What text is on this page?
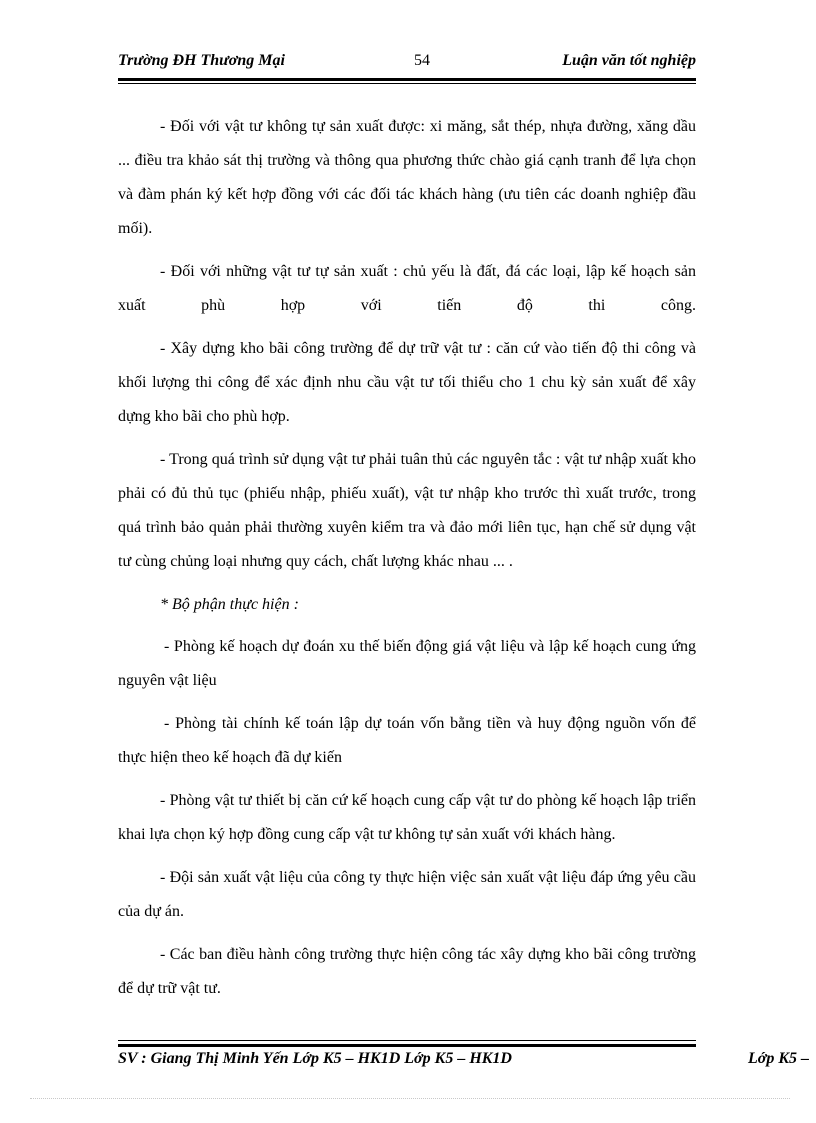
Trường ĐH Thương Mại	54	Luận văn tốt nghiệp

- Đối với vật tư không tự sản xuất được: xi măng, sắt thép, nhựa đường, xăng dầu ... điều tra khảo sát thị trường và thông qua phương thức chào giá cạnh tranh để lựa chọn và đàm phán ký kết hợp đồng với các đối tác khách hàng (ưu tiên các doanh nghiệp đầu mối).

- Đối với những vật tư tự sản xuất : chủ yếu là đất, đá các loại, lập kế hoạch sản xuất phù hợp với tiến độ thi công.

- Xây dựng kho bãi công trường để dự trữ vật tư : căn cứ vào tiến độ thi công và khối lượng thi công để xác định nhu cầu vật tư tối thiểu cho 1 chu kỳ sản xuất để xây dựng kho bãi cho phù hợp.

- Trong quá trình sử dụng vật tư phải tuân thủ các nguyên tắc : vật tư nhập xuất kho phải có đủ thủ tục (phiếu nhập, phiếu xuất), vật tư nhập kho trước thì xuất trước, trong quá trình bảo quản phải thường xuyên kiểm tra và đảo mới liên tục, hạn chế sử dụng vật tư cùng chủng loại nhưng quy cách, chất lượng khác nhau ... .

* Bộ phận thực hiện :

- Phòng kế hoạch dự đoán xu thế biến động giá vật liệu và lập kế hoạch cung ứng nguyên vật liệu

- Phòng tài chính kế toán lập dự toán vốn bằng tiền và huy động nguồn vốn để thực hiện theo kế hoạch đã dự kiến

- Phòng vật tư thiết bị căn cứ kế hoạch cung cấp vật tư do phòng kế hoạch lập triển khai lựa chọn ký hợp đồng cung cấp vật tư không tự sản xuất với khách hàng.

- Đội sản xuất vật liệu của công ty thực hiện việc sản xuất vật liệu đáp ứng yêu cầu của dự án.

- Các ban điều hành công trường thực hiện công tác xây dựng kho bãi công trường để dự trữ vật tư.

SV : Giang Thị Minh Yến Lớp K5 – HK1D Lớp K5 – HK1D	Lớp K5 –
